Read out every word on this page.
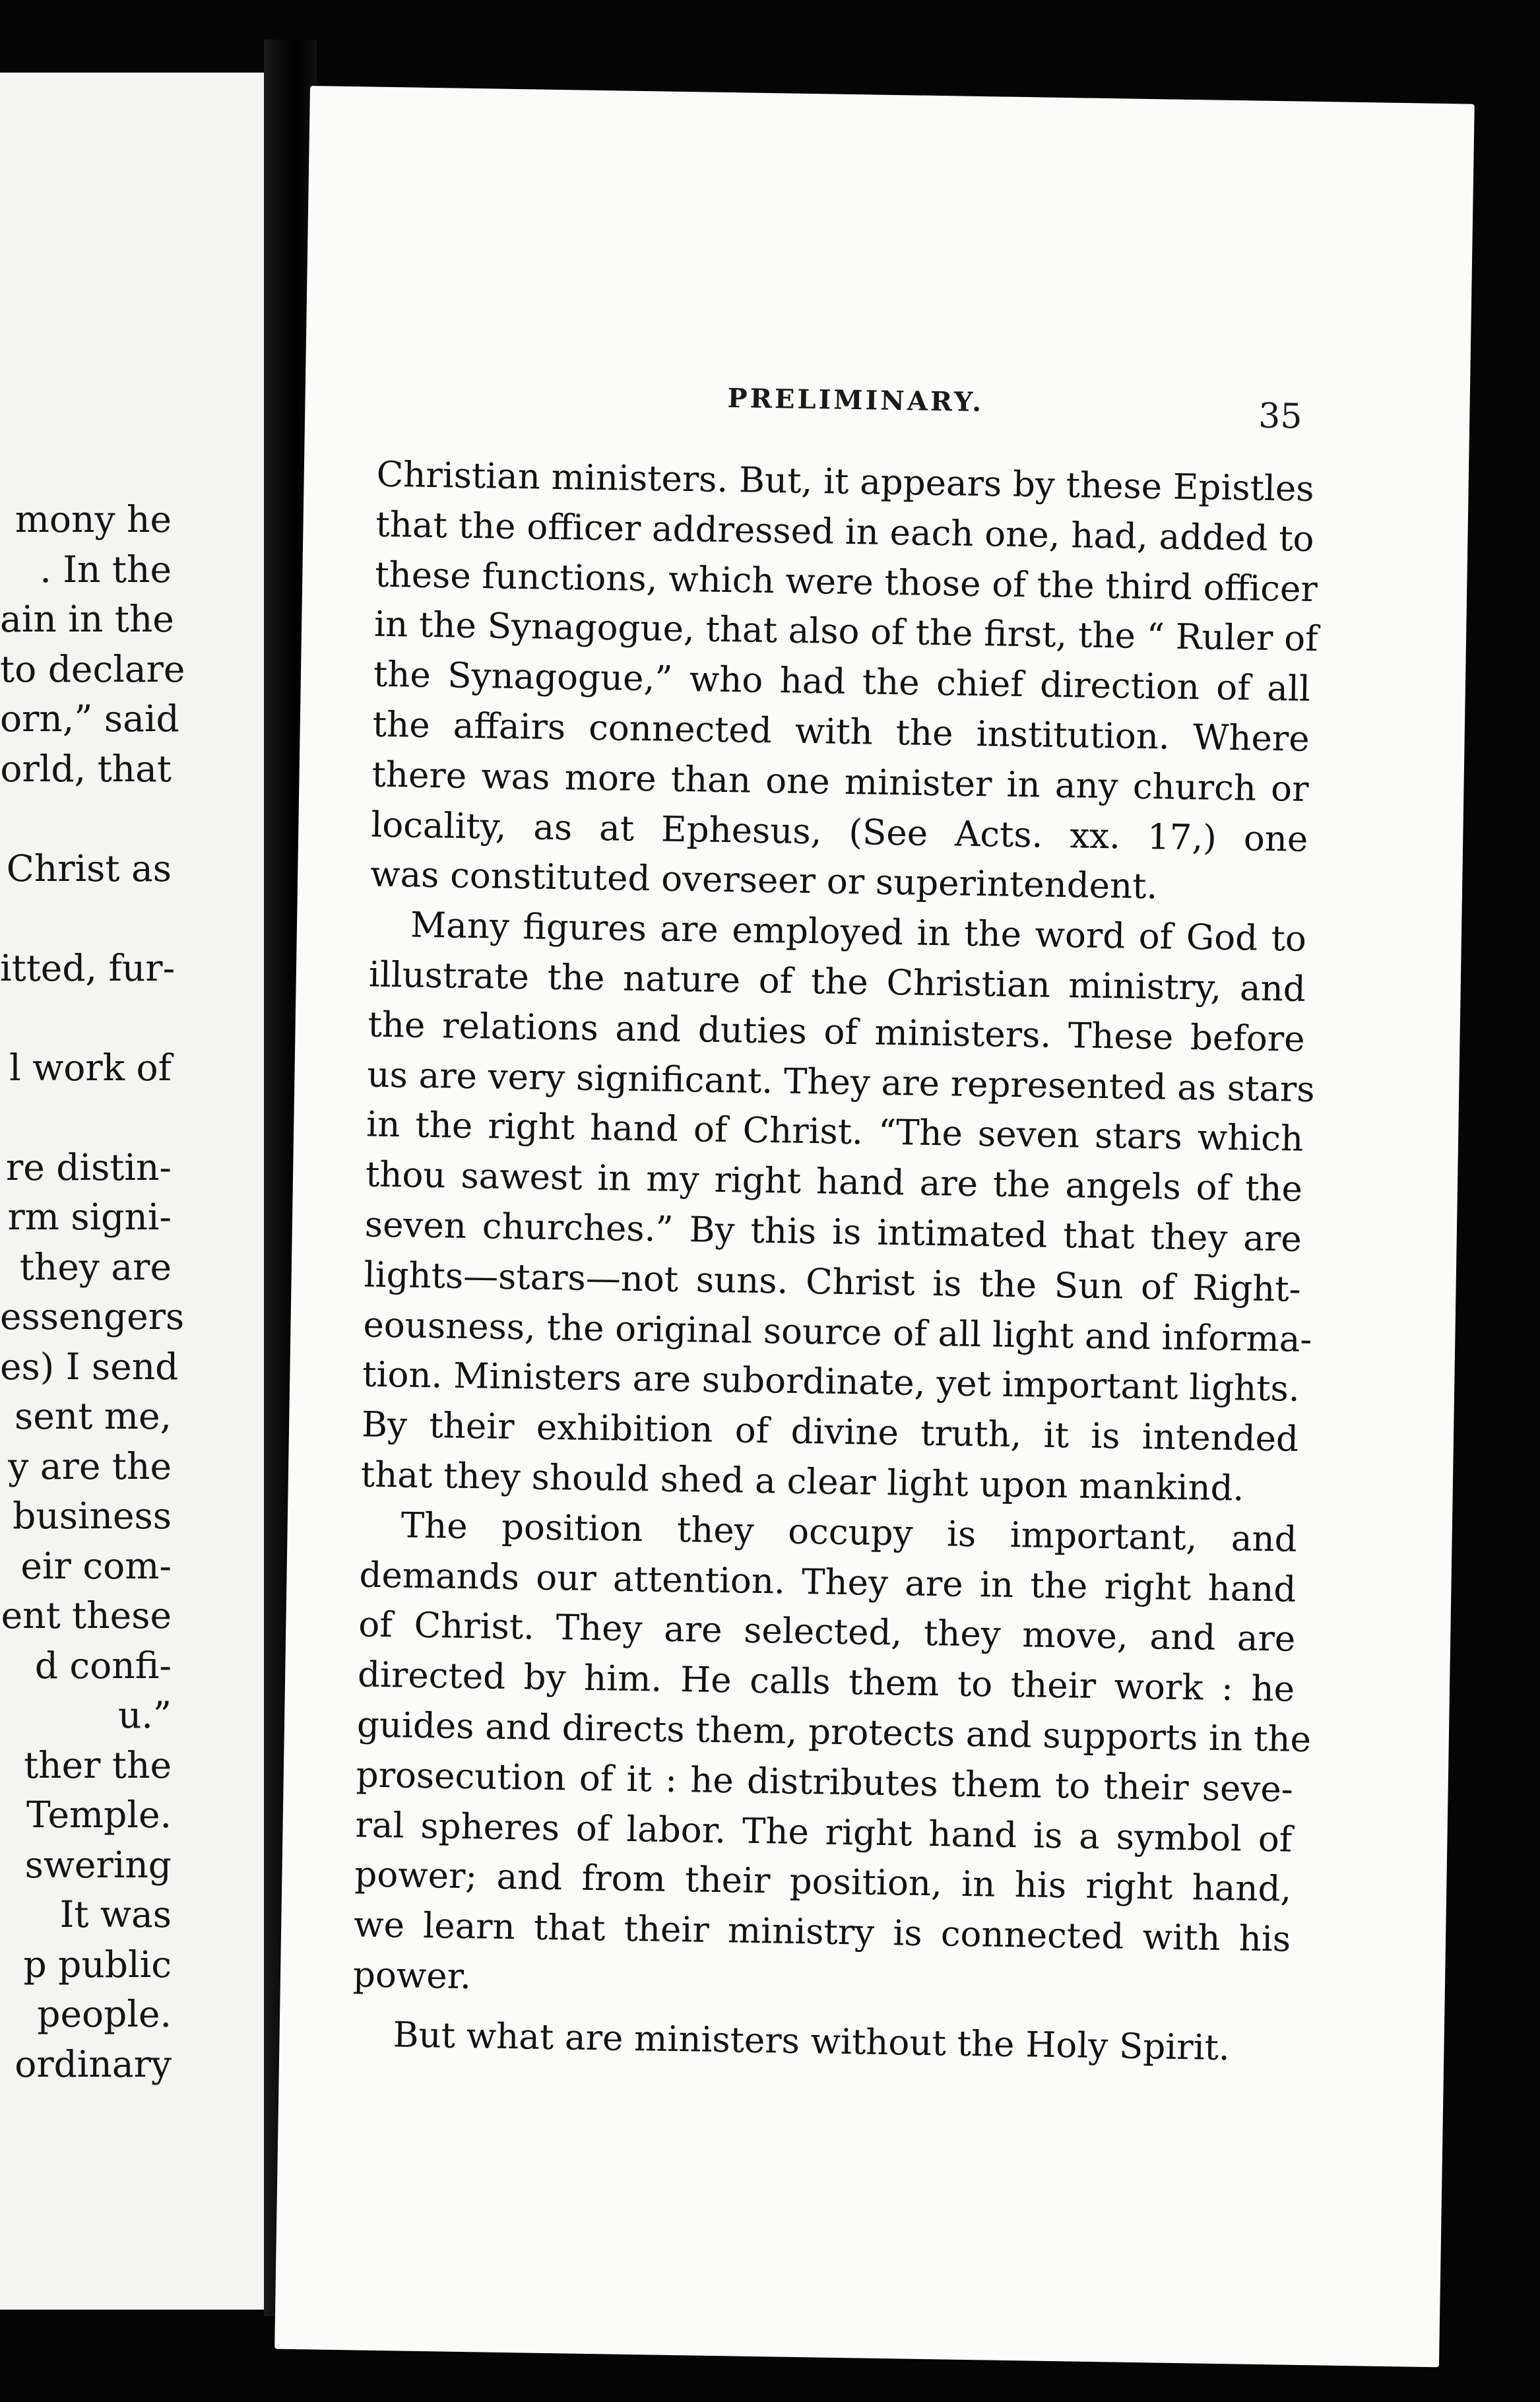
mony he
. In the
ain in the
to declare
orn,” said
orld, that
Christ as
itted, fur-
l work of
re distin-
rm signi-
they are
essengers
es) I send
sent me,
y are the
business
eir com-
ent these
d confi-
u.”
ther the
Temple.
swering
It was
p public
people.
ordinary
PRELIMINARY.	35
Christian ministers. But, it appears by these Epistles
that the officer addressed in each one, had, added to
these functions, which were those of the third officer
in the Synagogue, that also of the first, the “ Ruler of
the Synagogue,” who had the chief direction of all
the affairs connected with the institution. Where
there was more than one minister in any church or
locality, as at Ephesus, (See Acts. xx. 17,) one
was constituted overseer or superintendent.
Many figures are employed in the word of God to
illustrate the nature of the Christian ministry, and
the relations and duties of ministers. These before
us are very significant. They are represented as stars
in the right hand of Christ. “The seven stars which
thou sawest in my right hand are the angels of the
seven churches.” By this is intimated that they are
lights—stars—not suns. Christ is the Sun of Right-
eousness, the original source of all light and informa-
tion. Ministers are subordinate, yet important lights.
By their exhibition of divine truth, it is intended
that they should shed a clear light upon mankind.
The position they occupy is important, and
demands our attention. They are in the right hand
of Christ. They are selected, they move, and are
directed by him. He calls them to their work : he
guides and directs them, protects and supports in the
prosecution of it : he distributes them to their seve-
ral spheres of labor. The right hand is a symbol of
power; and from their position, in his right hand,
we learn that their ministry is connected with his
power.
But what are ministers without the Holy Spirit.
